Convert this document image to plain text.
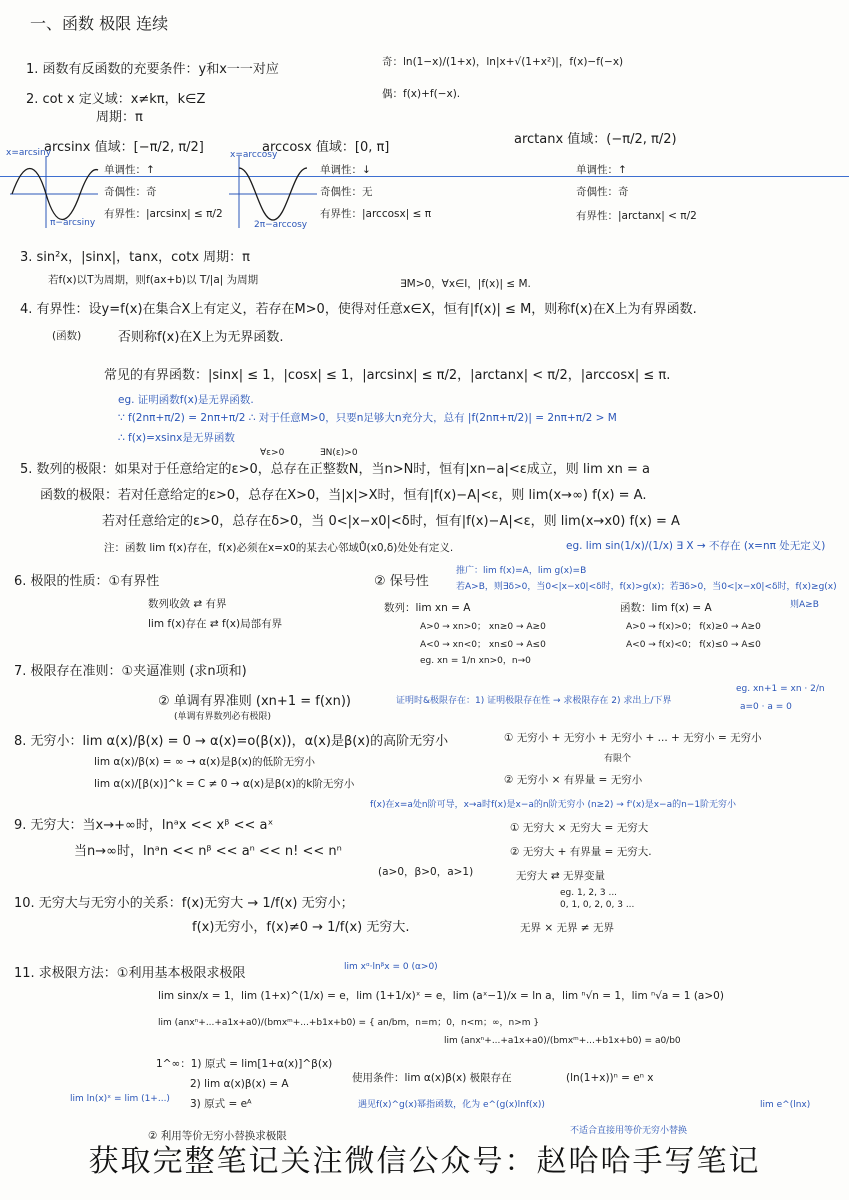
一、函数 极限 连续
1. 函数有反函数的充要条件：y和x一一对应	奇：ln(1−x)/(1+x)，ln|x+√(1+x²)|，f(x)−f(−x)
偶：f(x)+f(−x).
2. cot x 定义域：x≠kπ，k∈Z
周期：π
arcsinx 值域：[−π/2, π/2]
单调性：↑
奇偶性：奇
有界性：|arcsinx| ≤ π/2
x=arcsiny
π−arcsiny
arccosx 值域：[0, π]
单调性：↓
奇偶性：无
有界性：|arccosx| ≤ π
x=arccosy
2π−arccosy
arctanx 值域：(−π/2, π/2)
单调性：↑
奇偶性：奇
有界性：|arctanx| < π/2
3. sin²x，|sinx|，tanx，cotx 周期：π
若f(x)以T为周期，则f(ax+b)以 T/|a| 为周期	∃M>0，∀x∈I，|f(x)| ≤ M.
4. 有界性：设y=f(x)在集合X上有定义，若存在M>0，使得对任意x∈X，恒有|f(x)| ≤ M，则称f(x)在X上为有界函数.
(函数)	否则称f(x)在X上为无界函数.
常见的有界函数：|sinx| ≤ 1，|cosx| ≤ 1，|arcsinx| ≤ π/2，|arctanx| < π/2，|arccosx| ≤ π.
eg. 证明函数f(x)是无界函数.
∵ f(2nπ+π/2) = 2nπ+π/2 ∴ 对于任意M>0，只要n足够大n充分大，总有 |f(2nπ+π/2)| = 2nπ+π/2 > M
∴ f(x)=xsinx是无界函数
∀ε>0	∃N(ε)>0
5. 数列的极限：如果对于任意给定的ε>0，总存在正整数N，当n>N时，恒有|xn−a|<ε成立，则 lim xn = a
函数的极限：若对任意给定的ε>0，总存在X>0，当|x|>X时，恒有|f(x)−A|<ε，则 lim(x→∞) f(x) = A.
若对任意给定的ε>0，总存在δ>0，当 0<|x−x0|<δ时，恒有|f(x)−A|<ε，则 lim(x→x0) f(x) = A
注：函数 lim f(x)存在，f(x)必须在x=x0的某去心邻域Ů(x0,δ)处处有定义.	eg. lim sin(1/x)/(1/x) ∃ X → 不存在 (x=nπ 处无定义)
6. 极限的性质：①有界性
数列收敛 ⇄ 有界
lim f(x)存在 ⇄ f(x)局部有界
② 保号性
推广：lim f(x)=A，lim g(x)=B
若A>B，则∃δ>0，当0<|x−x0|<δ时，f(x)>g(x)；若∃δ>0，当0<|x−x0|<δ时，f(x)≥g(x)
则A≥B
数列：lim xn = A	函数：lim f(x) = A
A>0 → xn>0； xn≥0 → A≥0
A<0 → xn<0； xn≤0 → A≤0
A>0 → f(x)>0； f(x)≥0 → A≥0
A<0 → f(x)<0； f(x)≤0 → A≤0
eg. xn = 1/n xn>0，n→0
7. 极限存在准则：①夹逼准则 (求n项和)
② 单调有界准则 (xn+1 = f(xn))
(单调有界数列必有极限)
证明时&极限存在：1) 证明极限存在性 → 求极限存在 2) 求出上/下界
eg. xn+1 = xn · 2/n
a=0 · a = 0
8. 无穷小：lim α(x)/β(x) = 0 → α(x)=o(β(x))，α(x)是β(x)的高阶无穷小
lim α(x)/β(x) = ∞ → α(x)是β(x)的低阶无穷小
lim α(x)/[β(x)]^k = C ≠ 0 → α(x)是β(x)的k阶无穷小
① 无穷小 + 无穷小 + 无穷小 + ... + 无穷小 = 无穷小
有限个
② 无穷小 × 有界量 = 无穷小
f(x)在x=a处n阶可导，x→a时f(x)是x−a的n阶无穷小 (n≥2) → f'(x)是x−a的n−1阶无穷小
9. 无穷大：当x→+∞时，lnᵃx << xᵝ << aˣ
当n→∞时，lnᵃn << nᵝ << aⁿ << n! << nⁿ
(a>0，β>0，a>1)
① 无穷大 × 无穷大 = 无穷大
② 无穷大 + 有界量 = 无穷大.
10. 无穷大与无穷小的关系：f(x)无穷大 → 1/f(x) 无穷小；
f(x)无穷小，f(x)≠0 → 1/f(x) 无穷大.
无穷大 ⇄ 无界变量
eg. 1, 2, 3 ...
0, 1, 0, 2, 0, 3 ...
无界 × 无界 ≠ 无界
11. 求极限方法：①利用基本极限求极限	lim xᵅ·lnᵝx = 0 (α>0)
lim sinx/x = 1，lim (1+x)^(1/x) = e，lim (1+1/x)ˣ = e，lim (aˣ−1)/x = ln a，lim ⁿ√n = 1，lim ⁿ√a = 1 (a>0)
lim (anxⁿ+...+a1x+a0)/(bmxᵐ+...+b1x+b0) = { an/bm，n=m；0，n<m；∞，n>m }
lim (anxⁿ+...+a1x+a0)/(bmxᵐ+...+b1x+b0) = a0/b0
1^∞：1) 原式 = lim[1+α(x)]^β(x)
2) lim α(x)β(x) = A
3) 原式 = eᴬ
使用条件：lim α(x)β(x) 极限存在	(ln(1+x))ⁿ = eⁿ x
遇见f(x)^g(x)幂指函数，化为 e^(g(x)lnf(x))
lim ln(x)ˣ = lim (1+...)
② 利用等价无穷小替换求极限	不适合直接用等价无穷小替换
lim e^(lnx)
获取完整笔记关注微信公众号：赵哈哈手写笔记
